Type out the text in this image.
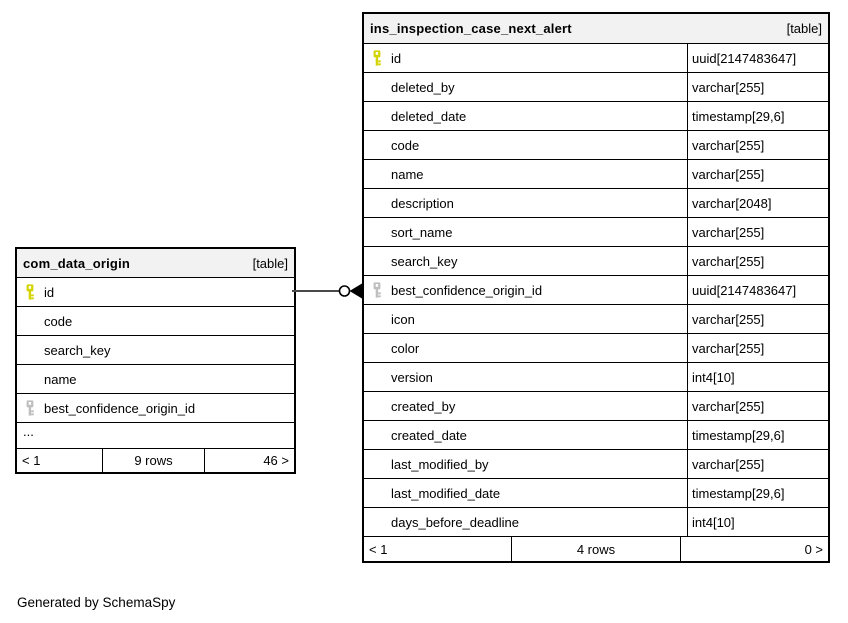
com_data_origin	[table]
id
code
search_key
name
best_confidence_origin_id
...
< 1	9 rows	46 >
ins_inspection_case_next_alert	[table]
id	uuid[2147483647]
deleted_by	varchar[255]
deleted_date	timestamp[29,6]
code	varchar[255]
name	varchar[255]
description	varchar[2048]
sort_name	varchar[255]
search_key	varchar[255]
best_confidence_origin_id	uuid[2147483647]
icon	varchar[255]
color	varchar[255]
version	int4[10]
created_by	varchar[255]
created_date	timestamp[29,6]
last_modified_by	varchar[255]
last_modified_date	timestamp[29,6]
days_before_deadline	int4[10]
< 1	4 rows	0 >
Generated by SchemaSpy
